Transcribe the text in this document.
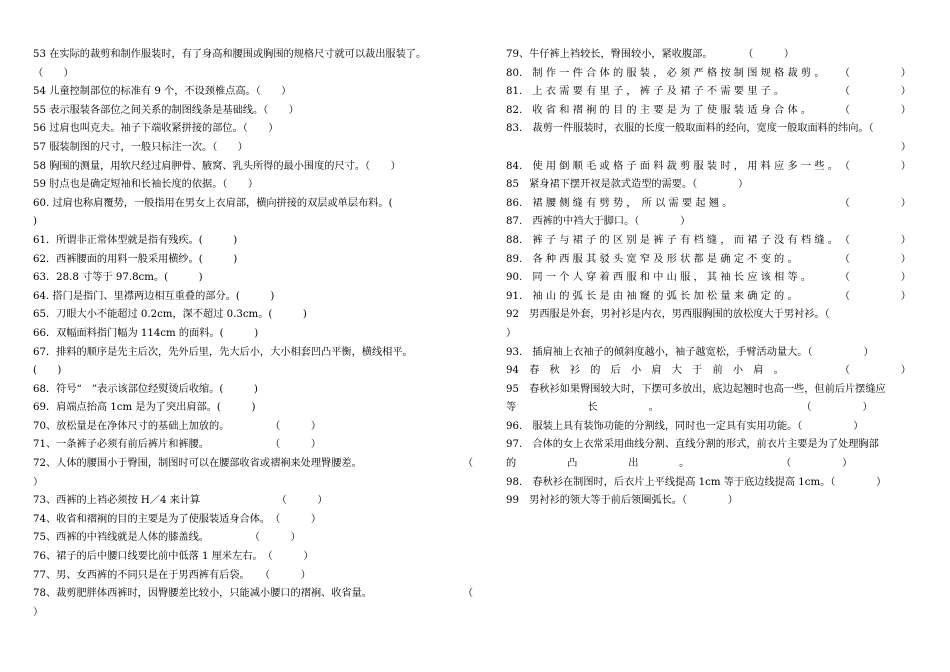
53 在实际的裁剪和制作服装时，有了身高和腰围或胸围的规格尺寸就可以裁出服装了。
（　　）
54 儿童控制部位的标准有 9 个，不设颈椎点高。（　　）
55 表示服装各部位之间关系的制图线条是基础线。（　　）
56 过肩也叫克夫。袖子下端收紧拼接的部位。（　　）
57 服装制图的尺寸，一般只标注一次。（　　）
58 胸围的测量，用软尺经过肩胛骨、腋窝、乳头所得的最小围度的尺寸。（　　）
59 肘点也是确定短袖和长袖长度的依据。（　　）
60. 过肩也称肩覆势，一般指用在男女上衣肩部，横向拼接的双层或单层布料。(
)
61．所谓非正常体型就是指有残疾。(　　　)
62．西裤腰面的用料一般采用横纱。(　　　)
63．28.8 寸等于 97.8cm。(　　　)
64. 搭门是指门、里襟两边相互重叠的部分。(　　　)
65．刀眼大小不能超过 0.2cm，深不超过 0.3cm。(　　　)
66．双幅面料指门幅为 114cm 的面料。(　　　)
67．排料的顺序是先主后次，先外后里，先大后小，大小相套凹凸平衡，横线相平。
(　　)
68．符号“　”表示该部位经熨烫后收缩。(　　　)
69．肩端点抬高 1cm 是为了突出肩部。(　　　)
70、放松量是在净体尺寸的基础上加放的。　　　　　（　　　）
71、一条裤子必须有前后裤片和裤腰。　　　　　　　（　　　）
72、人体的腰围小于臀围，制图时可以在腰部收省或褶裥来处理臀腰差。	（
）
73、西裤的上裆必须按 H／4 来计算　　　　　　　　（　　　）
74、收省和褶裥的目的主要是为了使服装适身合体。　（　　　）
75、西裤的中裆线就是人体的膝盖线。　　　　　（　　　）
76、裙子的后中腰口线要比前中低落 1 厘米左右。　（　　　）
77、男、女西裤的不同只是在于男西裤有后袋。　　（　　　）
78、裁剪肥胖体西裤时，因臀腰差比较小，只能减小腰口的褶裥、收省量。	（
）
79、牛仔裤上裆较长，臀围较小，紧收腹部。　　　　（　　　）
80.　制 作 一 件 合 体 的 服 装 ， 必 须 严 格 按 制 图 规 格 裁 剪 。 （　　　　　）
81.　上 衣 需 要 有 里 子 ， 裤 子 及 裙 子 不 需 要 里 子 。	（　　　　　）
82.　收 省 和 褶 裥 的 目 的 主 要 是 为 了 使 服 装 适 身 合 体 。	（　　　　　）
83.　裁剪一件服装时，衣服的长度一般取面料的经向，宽度一般取面料的纬向。（
）
84.　使 用 倒 顺 毛 或 格 子 面 料 裁 剪 服 装 时 ， 用 料 应 多 一 些 。 （　　　　　）
85　紧身裙下摆开衩是款式造型的需要。（　　　　）
86.　裙 腰 侧 缝 有 劈 势 ，　所 以 需 要 起 翘 。	（　　　　　）
87.　西裤的中裆大于脚口。（　　　　）
88.　裤 子 与 裙 子 的 区 别 是 裤 子 有 档 缝 ， 而 裙 子 没 有 档 缝 。 （　　　　　）
89.　各 种 西 服 其 驳 头 宽 窄 及 形 状 都 是 确 定 不 变 的 。	（　　　　　）
90.　同 一 个 人 穿 着 西 服 和 中 山 服 ， 其 袖 长 应 该 相 等 。	（　　　　　）
91.　袖 山 的 弧 长 是 由 袖 窿 的 弧 长 加 松 量 来 确 定 的 。	（　　　　　）
92　男西服是外套，男衬衫是内衣，男西服胸围的放松度大于男衬衫。（
）
93.　插肩袖上衣袖子的倾斜度越小，袖子越宽松，手臂活动量大。（　　　　　）
94　春　秋　衫　的　后　小　肩　大　于　前　小　肩　。	（　　　　　）
95　春秋衫如果臀围较大时，下摆可多放出，底边起翘时也高一些，但前后片摆缝应
等　　　　　　　长　　　　　。　　　　　　　　　　　　　　　（　　　　　）
96.　服装上具有装饰功能的分割线，同时也一定具有实用功能。（　　　　　）
97.　合体的女上衣常采用曲线分割、直线分割的形式，前衣片主要是为了处理胸部
的　　　　　凸　　　　　出　　　　。　　　　　　　　　　（　　　　　）
98.　春秋衫在制图时，后衣片上平线提高 1cm 等于底边线提高 1cm。（　　　　）
99　男衬衫的领大等于前后领圈弧长。（　　　　）
